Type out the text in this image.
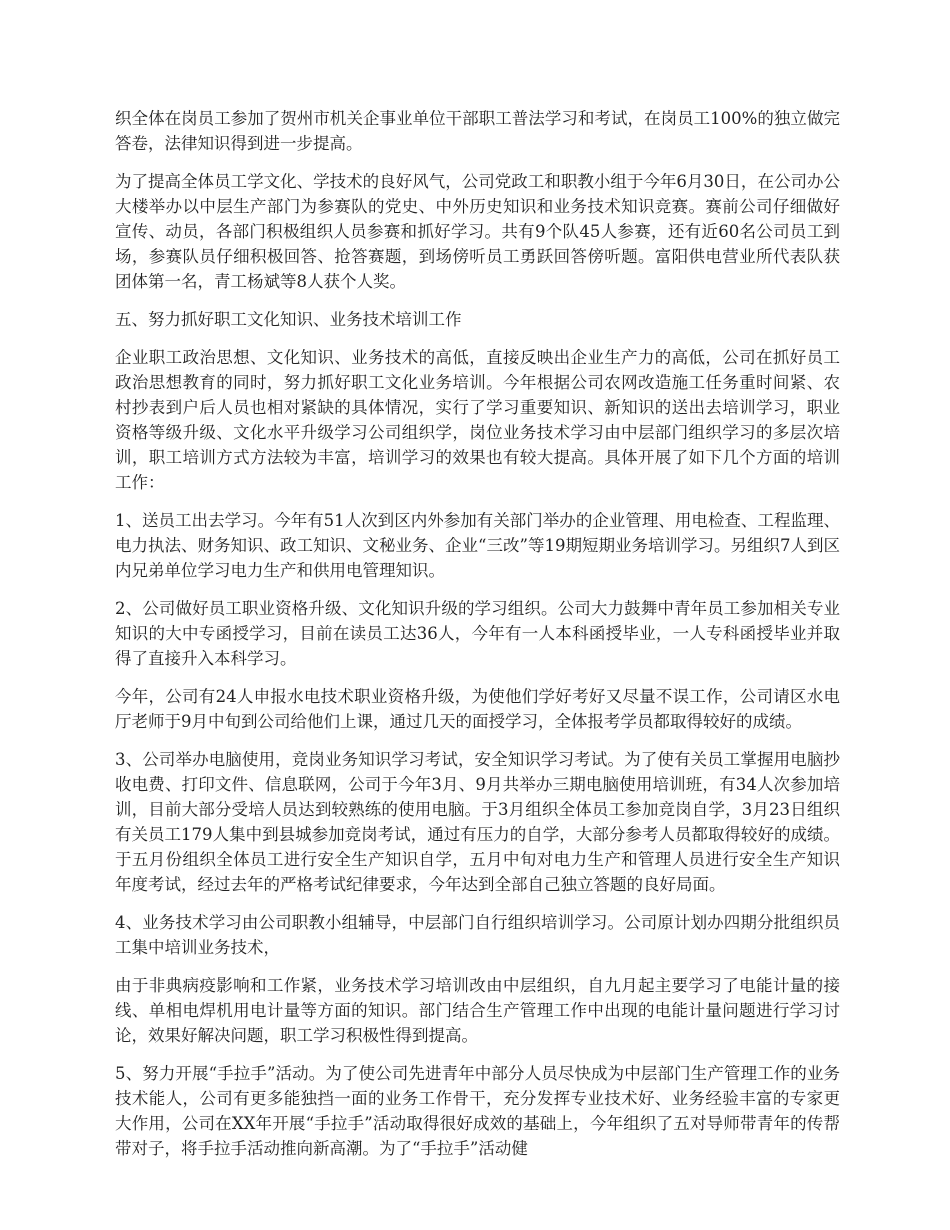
织全体在岗员工参加了贺州市机关企事业单位干部职工普法学习和考试，在岗员工100%的独立做完答卷，法律知识得到进一步提高。

为了提高全体员工学文化、学技术的良好风气，公司党政工和职教小组于今年6月30日，在公司办公大楼举办以中层生产部门为参赛队的党史、中外历史知识和业务技术知识竞赛。赛前公司仔细做好宣传、动员，各部门积极组织人员参赛和抓好学习。共有9个队45人参赛，还有近60名公司员工到场，参赛队员仔细积极回答、抢答赛题，到场傍听员工勇跃回答傍听题。富阳供电营业所代表队获团体第一名，青工杨斌等8人获个人奖。

五、努力抓好职工文化知识、业务技术培训工作

企业职工政治思想、文化知识、业务技术的高低，直接反映出企业生产力的高低，公司在抓好员工政治思想教育的同时，努力抓好职工文化业务培训。今年根据公司农网改造施工任务重时间紧、农村抄表到户后人员也相对紧缺的具体情况，实行了学习重要知识、新知识的送出去培训学习，职业资格等级升级、文化水平升级学习公司组织学，岗位业务技术学习由中层部门组织学习的多层次培训，职工培训方式方法较为丰富，培训学习的效果也有较大提高。具体开展了如下几个方面的培训工作：

1、送员工出去学习。今年有51人次到区内外参加有关部门举办的企业管理、用电检查、工程监理、电力执法、财务知识、政工知识、文秘业务、企业“三改”等19期短期业务培训学习。另组织7人到区内兄弟单位学习电力生产和供用电管理知识。

2、公司做好员工职业资格升级、文化知识升级的学习组织。公司大力鼓舞中青年员工参加相关专业知识的大中专函授学习，目前在读员工达36人，今年有一人本科函授毕业，一人专科函授毕业并取得了直接升入本科学习。

今年，公司有24人申报水电技术职业资格升级，为使他们学好考好又尽量不误工作，公司请区水电厅老师于9月中旬到公司给他们上课，通过几天的面授学习，全体报考学员都取得较好的成绩。

3、公司举办电脑使用，竞岗业务知识学习考试，安全知识学习考试。为了使有关员工掌握用电脑抄收电费、打印文件、信息联网，公司于今年3月、9月共举办三期电脑使用培训班，有34人次参加培训，目前大部分受培人员达到较熟练的使用电脑。于3月组织全体员工参加竞岗自学，3月23日组织有关员工179人集中到县城参加竞岗考试，通过有压力的自学，大部分参考人员都取得较好的成绩。于五月份组织全体员工进行安全生产知识自学，五月中旬对电力生产和管理人员进行安全生产知识年度考试，经过去年的严格考试纪律要求，今年达到全部自己独立答题的良好局面。

4、业务技术学习由公司职教小组辅导，中层部门自行组织培训学习。公司原计划办四期分批组织员工集中培训业务技术，

由于非典病疫影响和工作紧，业务技术学习培训改由中层组织，自九月起主要学习了电能计量的接线、单相电焊机用电计量等方面的知识。部门结合生产管理工作中出现的电能计量问题进行学习讨论，效果好解决问题，职工学习积极性得到提高。

5、努力开展“手拉手”活动。为了使公司先进青年中部分人员尽快成为中层部门生产管理工作的业务技术能人，公司有更多能独挡一面的业务工作骨干，充分发挥专业技术好、业务经验丰富的专家更大作用，公司在XX年开展“手拉手”活动取得很好成效的基础上，今年组织了五对导师带青年的传帮带对子，将手拉手活动推向新高潮。为了“手拉手”活动健
